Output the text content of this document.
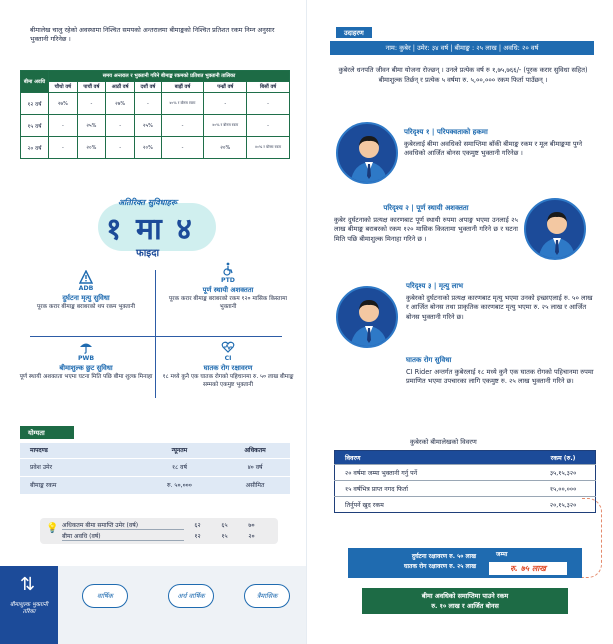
बीमालेख चालु रहेको अवस्थामा निश्चित समयको अन्तरालमा बीमाङ्कको निश्चित प्रतिशत रकम निम्न अनुसार भुक्तानी गरिनेछ ।

बीमा अवधि	समय अन्तराल र भुक्तानी गरिने बीमाङ्क रकमको प्रतिशत भुक्तानी तालिका						
	चौथो वर्ष	पाचौं वर्ष	आठौं वर्ष	दशौं वर्ष	बाह्रौं वर्ष	पन्ध्रौं वर्ष	बिसौं वर्ष
१२ वर्ष	२७%	-	२७%	-	४०% र बोनस रकम	-	-
१५ वर्ष	-	२५%	-	२५%	-	४०% र बोनस रकम	-
२० वर्ष	-	२०%	-	२०%	-	२०%	४०% र बोनस रकम
अतिरिक्त सुविधाहरू
१ मा ४
फाइदा
ADB
दुर्घटना मृत्यु सुविधा
पूरक करार बीमाङ्क बराबरको थप रकम भुक्तानी
PTD
पूर्ण स्थायी अशक्तता
पूरक करार बीमाङ्क बराबरको रकम १२० मासिक किस्तामा भुक्तानी
PWB
बीमाशुल्क छुट सुविधा
पूर्ण स्थायी अशक्तता भएमा घटना मिति पछि बीमा शुल्क मिनाहा
CI
घातक रोग रक्षावरण
१८ मध्ये कुनै एक घातक रोगको पहिचानमा रु. ५० लाख बीमाङ्क सम्मको एकमुष्ट भुक्तानी
योग्यता
मापदण्ड	न्यूनतम	अधिकतम
प्रवेश उमेर	१८ वर्ष	४० वर्ष
बीमाङ्क रकम	रु. ५०,०००	असीमित
💡 अधिकतम बीमा समाप्ति उमेर (वर्ष)	६२	६५	७०
बीमा अवधि (वर्ष)	१२	१५	२०
⇅
बीमाशुल्क भुक्तानी तरिका
वार्षिक	अर्ध वार्षिक	त्रैमासिक
उदाहरण
नाम: कुबेर | उमेर: ३४ वर्ष | बीमाङ्क : २५ लाख | अवधि: २० वर्ष

कुबेरले धनपति जीवन बीमा योजना रोज्छन् । उनले प्रत्येक वर्ष रु १,७५,७६६/- (पूरक करार सुविधा सहित) बीमाशुल्क तिर्छन् र प्रत्येक ५ वर्षमा रु. ५,००,००० रकम फिर्ता पाउँछन् ।

परिदृश्य १ | परिपक्वताको हकमा
कुबेरलाई बीमा अवधिको समाप्तिमा बाँकी बीमाङ्क रकम र मूल बीमाङ्कमा पुग्ने अवधिको आर्जित बोनस एकमुष्ट भुक्तानी गरिनेछ ।
परिदृश्य २ | पूर्ण स्थायी अशक्तता
कुबेर दुर्घटनाको प्रत्यक्ष कारणबाट पूर्ण स्थायी रुपमा अपाङ्ग भएमा उनलाई २५ लाख बीमाङ्क बराबरको रकम १२० मासिक किस्तामा भुक्तानी गरिने छ र घटना मिति पछि बीमाशुल्क मिनाहा गरिने छ ।
परिदृश्य ३ | मृत्यु लाभ
कुबेरको दुर्घटनाको प्रत्यक्ष कारणबाट मृत्यु भएमा उनको इच्छाएलाई रु. ५० लाख र आर्जित बोनस तथा प्राकृतिक कारणबाट मृत्यु भएमा रु. २५ लाख र आर्जित बोनस भुक्तानी गरिने छ।
घातक रोग सुविधा
CI Rider अन्तर्गत कुबेरलाई १८ मध्ये कुनै एक घातक रोगको पहिचानमा रुपमा प्रमाणित भएमा उपचारका लागि एकमुष्ट रु. २५ लाख भुक्तानी गरिने छ।
कुबेरको बीमालेखको विवरण
विवरण	रकम (रु.)
२० वर्षमा जम्मा भुक्तानी गर्नु पर्ने	३५,१५,३२०
१५ वर्षभित्र प्राप्त नगद फिर्ता	१५,००,०००
तिर्नुपर्ने खुद रकम	२०,१५,३२०
दुर्घटना रक्षावरण रु. ५० लाख
घातक रोग रक्षावरण रु. २५ लाख
जम्मा
रु. ७५ लाख
बीमा अवधिको समाप्तिमा पाउने रकम
रु. १० लाख र आर्जित बोनस
